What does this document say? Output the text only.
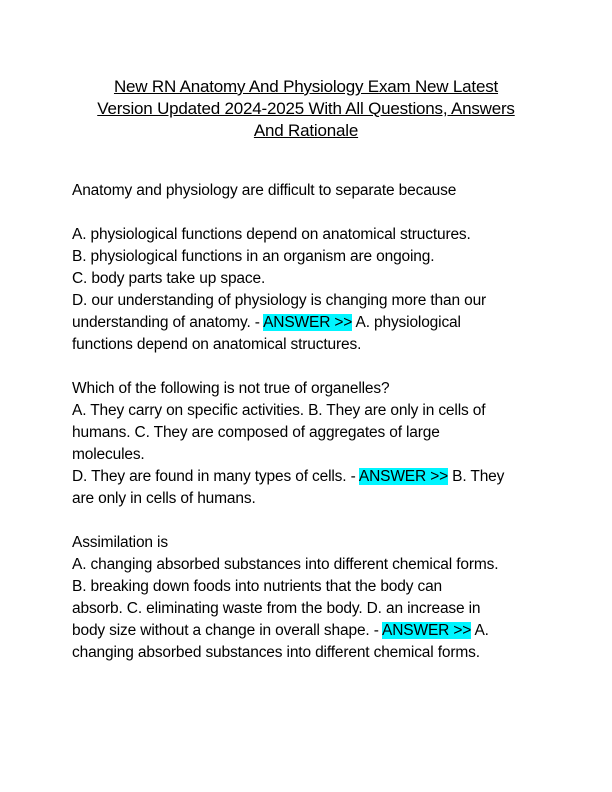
New RN Anatomy And Physiology Exam New Latest
Version Updated 2024-2025 With All Questions, Answers
And Rationale
Anatomy and physiology are difficult to separate because
A. physiological functions depend on anatomical structures.
B. physiological functions in an organism are ongoing.
C. body parts take up space.
D. our understanding of physiology is changing more than our
understanding of anatomy. - ANSWER >> A. physiological
functions depend on anatomical structures.
Which of the following is not true of organelles?
A. They carry on specific activities. B. They are only in cells of
humans. C. They are composed of aggregates of large
molecules.
D. They are found in many types of cells. - ANSWER >> B. They
are only in cells of humans.
Assimilation is
A. changing absorbed substances into different chemical forms.
B. breaking down foods into nutrients that the body can
absorb. C. eliminating waste from the body. D. an increase in
body size without a change in overall shape. - ANSWER >> A.
changing absorbed substances into different chemical forms.
